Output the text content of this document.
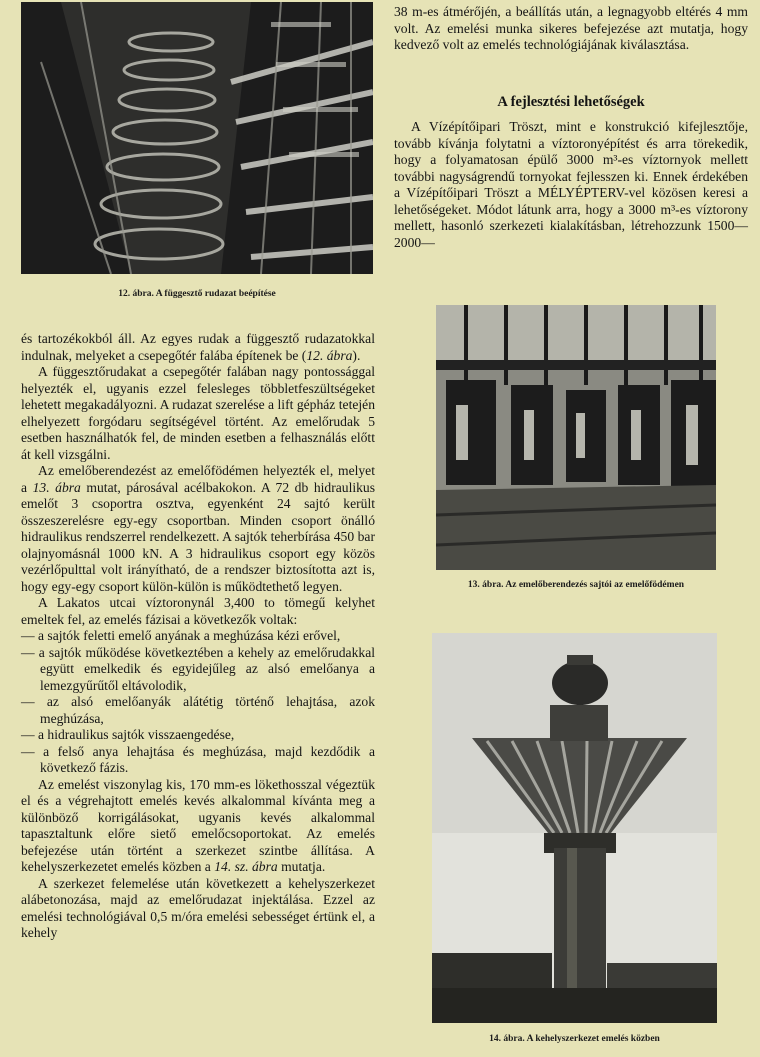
12. ábra. A függesztő rudazat beépítése

38 m-es átmérőjén, a beállítás után, a legnagyobb eltérés 4 mm volt. Az emelési munka sikeres befejezése azt mutatja, hogy kedvező volt az emelés technológiájának kiválasztása.

A fejlesztési lehetőségek

A Vízépítőipari Tröszt, mint e konstrukció kifejlesztője, tovább kívánja folytatni a víztoronyépítést és arra törekedik, hogy a folyamatosan épülő 3000 m³-es víztornyok mellett további nagyságrendű tornyokat fejlesszen ki. Ennek érdekében a Vízépítőipari Tröszt a MÉLYÉPTERV-vel közösen keresi a lehetőségeket. Módot látunk arra, hogy a 3000 m³-es víztorony mellett, hasonló szerkezeti kialakításban, létrehozzunk 1500—2000—

13. ábra. Az emelőberendezés sajtói az emelőfödémen
14. ábra. A kehelyszerkezet emelés közben

és tartozékokból áll. Az egyes rudak a függesztő rudazatokkal indulnak, melyeket a csepegőtér falába építenek be (12. ábra).

A függesztőrudakat a csepegőtér falában nagy pontossággal helyezték el, ugyanis ezzel felesleges többletfeszültségeket lehetett megakadályozni. A rudazat szerelése a lift gépház tetején elhelyezett forgódaru segítségével történt. Az emelőrudak 5 esetben használhatók fel, de minden esetben a felhasználás előtt át kell vizsgálni.

Az emelőberendezést az emelőfödémen helyezték el, melyet a 13. ábra mutat, párosával acélbakokon. A 72 db hidraulikus emelőt 3 csoportra osztva, egyenként 24 sajtó került összeszerelésre egy-egy csoportban. Minden csoport önálló hidraulikus rendszerrel rendelkezett. A sajtók teherbírása 450 bar olajnyomásnál 1000 kN. A 3 hidraulikus csoport egy közös vezérlőpulttal volt irányítható, de a rendszer biztosította azt is, hogy egy-egy csoport külön-külön is működtethető legyen.

A Lakatos utcai víztoronynál 3,400 to tömegű kelyhet emeltek fel, az emelés fázisai a következők voltak:

— a sajtók feletti emelő anyának a meghúzása kézi erővel,

— a sajtók működése következtében a kehely az emelőrudakkal együtt emelkedik és egyidejűleg az alsó emelőanya a lemezgyűrűtől eltávolodik,

— az alsó emelőanyák alátétig történő lehajtása, azok meghúzása,

— a hidraulikus sajtók visszaengedése,

— a felső anya lehajtása és meghúzása, majd kezdődik a következő fázis.

Az emelést viszonylag kis, 170 mm-es lökethosszal végeztük el és a végrehajtott emelés kevés alkalommal kívánta meg a különböző korrigálásokat, ugyanis kevés alkalommal tapasztaltunk előre siető emelőcsoportokat. Az emelés befejezése után történt a szerkezet szintbe állítása. A kehelyszerkezetet emelés közben a 14. sz. ábra mutatja.

A szerkezet felemelése után következett a kehelyszerkezet alábetonozása, majd az emelőrudazat injektálása. Ezzel az emelési technológiával 0,5 m/óra emelési sebességet értünk el, a kehely
